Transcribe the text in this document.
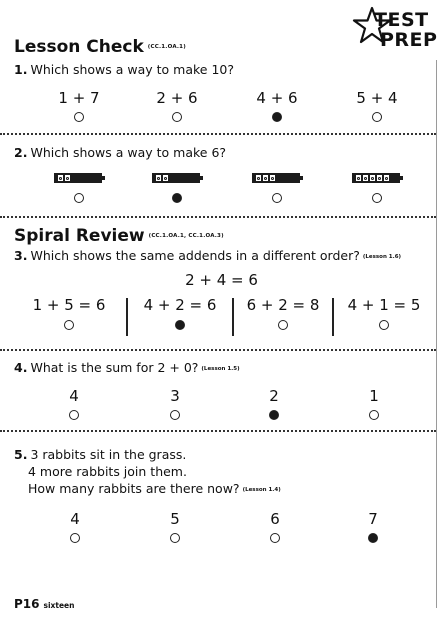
TEST
PREP
Lesson Check (CC.1.OA.1)
1. Which shows a way to make 10?
1 + 7	2 + 6	4 + 6	5 + 4
2. Which shows a way to make 6?
Spiral Review (CC.1.OA.1, CC.1.OA.3)
3. Which shows the same addends in a different order? (Lesson 1.6)
2 + 4 = 6
1 + 5 = 6	4 + 2 = 6	6 + 2 = 8	4 + 1 = 5
4. What is the sum for 2 + 0? (Lesson 1.5)
4	3	2	1
5. 3 rabbits sit in the grass.
4 more rabbits join them.
How many rabbits are there now? (Lesson 1.4)
4	5	6	7
P16 sixteen
